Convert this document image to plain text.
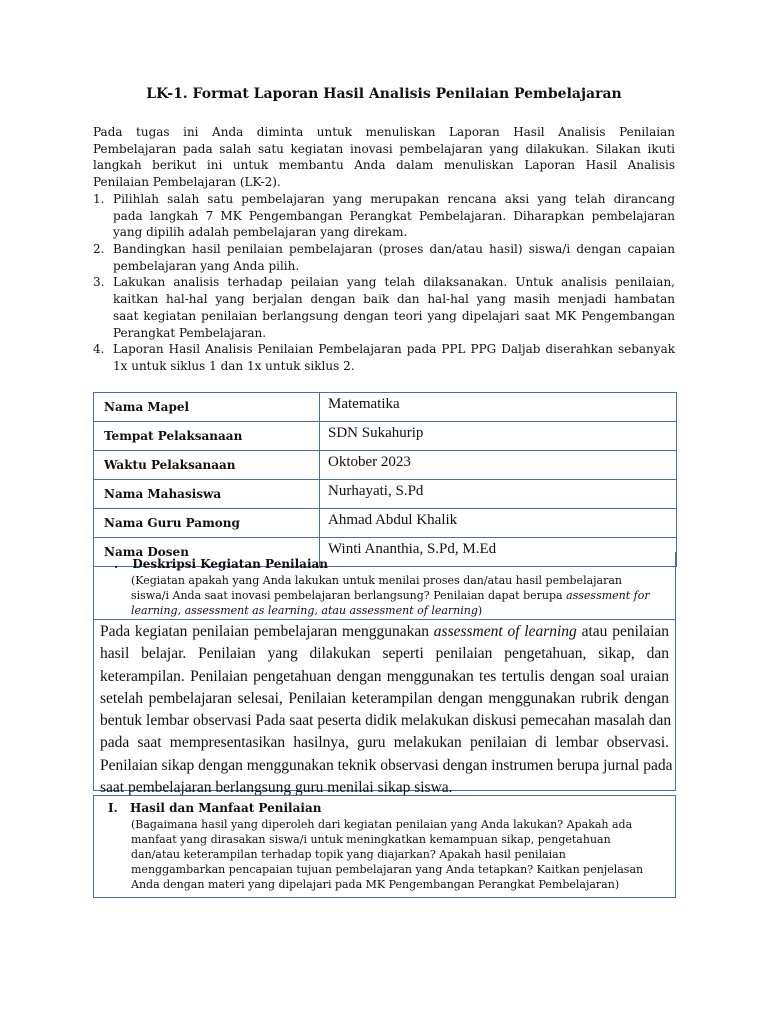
LK-1. Format Laporan Hasil Analisis Penilaian Pembelajaran
Pada tugas ini Anda diminta untuk menuliskan Laporan Hasil Analisis Penilaian
Pembelajaran pada salah satu kegiatan inovasi pembelajaran yang dilakukan. Silakan ikuti
langkah berikut ini untuk membantu Anda dalam menuliskan Laporan Hasil Analisis
Penilaian Pembelajaran (LK-2).
1. Pilihlah salah satu pembelajaran yang merupakan rencana aksi yang telah dirancang
pada langkah 7 MK Pengembangan Perangkat Pembelajaran. Diharapkan pembelajaran
yang dipilih adalah pembelajaran yang direkam.
2. Bandingkan hasil penilaian pembelajaran (proses dan/atau hasil) siswa/i dengan capaian
pembelajaran yang Anda pilih.
3. Lakukan analisis terhadap peilaian yang telah dilaksanakan. Untuk analisis penilaian,
kaitkan hal-hal yang berjalan dengan baik dan hal-hal yang masih menjadi hambatan
saat kegiatan penilaian berlangsung dengan teori yang dipelajari saat MK Pengembangan
Perangkat Pembelajaran.
4. Laporan Hasil Analisis Penilaian Pembelajaran pada PPL PPG Daljab diserahkan sebanyak
1x untuk siklus 1 dan 1x untuk siklus 2.
Nama Mapel	Matematika
Tempat Pelaksanaan	SDN Sukahurip
Waktu Pelaksanaan	Oktober 2023
Nama Mahasiswa	Nurhayati, S.Pd
Nama Guru Pamong	Ahmad Abdul Khalik
Nama Dosen	Winti Ananthia, S.Pd, M.Ed
. Deskripsi Kegiatan Penilaian
(Kegiatan apakah yang Anda lakukan untuk menilai proses dan/atau hasil pembelajaran
siswa/i Anda saat inovasi pembelajaran berlangsung? Penilaian dapat berupa assessment for
learning, assessment as learning, atau assessment of learning)
Pada kegiatan penilaian pembelajaran menggunakan assessment of learning atau penilaian
hasil belajar. Penilaian yang dilakukan seperti penilaian pengetahuan, sikap, dan
keterampilan. Penilaian pengetahuan dengan menggunakan tes tertulis dengan soal uraian
setelah pembelajaran selesai, Penilaian keterampilan dengan menggunakan rubrik dengan
bentuk lembar observasi Pada saat peserta didik melakukan diskusi pemecahan masalah dan
pada saat mempresentasikan hasilnya, guru melakukan penilaian di lembar observasi.
Penilaian sikap dengan menggunakan teknik observasi dengan instrumen berupa jurnal pada
saat pembelajaran berlangsung guru menilai sikap siswa.
I. Hasil dan Manfaat Penilaian
(Bagaimana hasil yang diperoleh dari kegiatan penilaian yang Anda lakukan? Apakah ada
manfaat yang dirasakan siswa/i untuk meningkatkan kemampuan sikap, pengetahuan
dan/atau keterampilan terhadap topik yang diajarkan? Apakah hasil penilaian
menggambarkan pencapaian tujuan pembelajaran yang Anda tetapkan? Kaitkan penjelasan
Anda dengan materi yang dipelajari pada MK Pengembangan Perangkat Pembelajaran)
